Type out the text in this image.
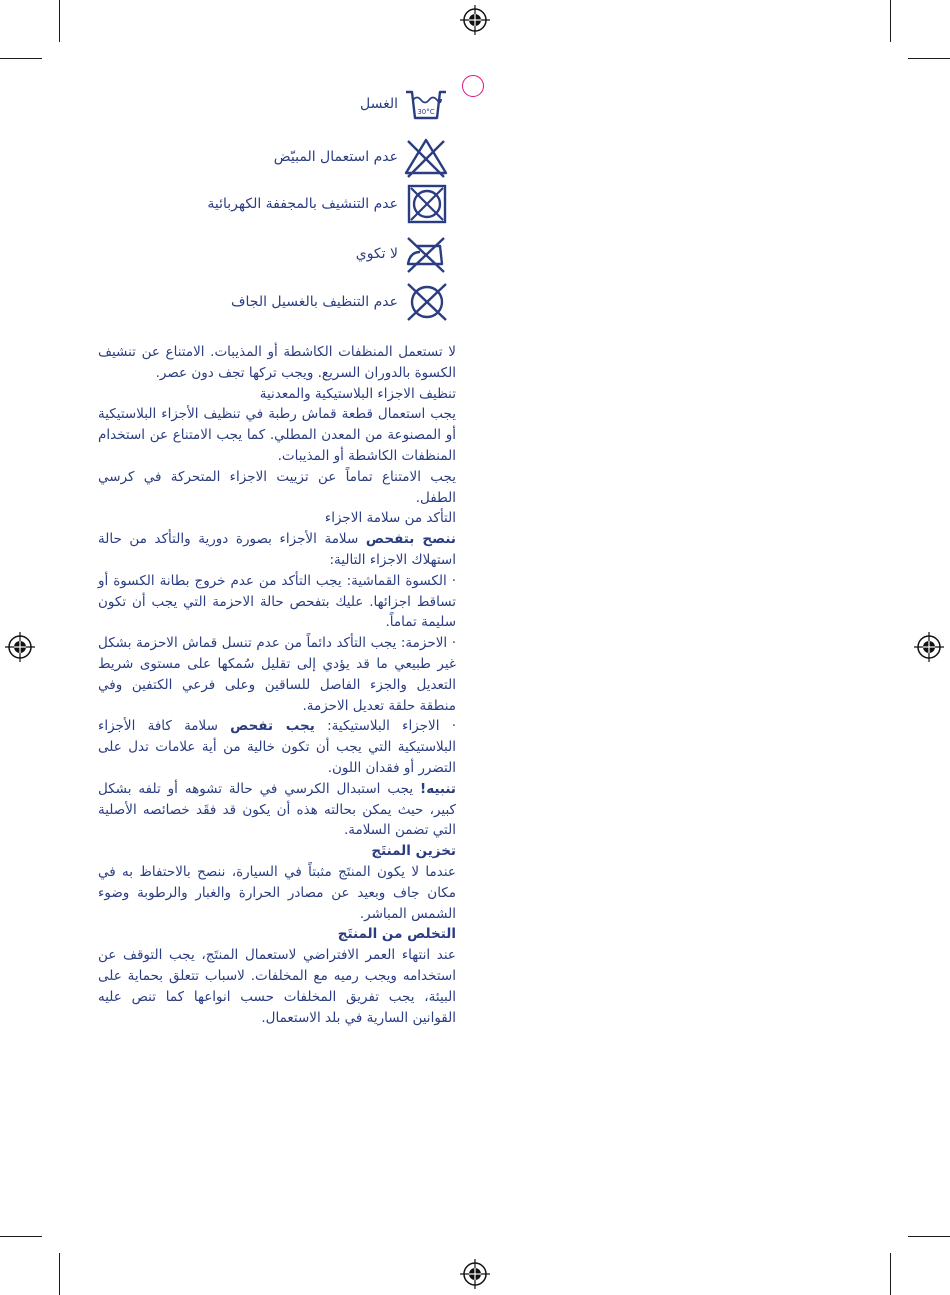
30°C
الغسل
عدم استعمال المبيّض
عدم التنشيف بالمجففة الكهربائية
لا تكوي
عدم التنظيف بالغسيل الجاف

لا تستعمل المنظفات الكاشطة أو المذيبات. الامتناع عن تنشيف الكسوة بالدوران السريع. ويجب تركها تجف دون عصر.

تنظيف الاجزاء البلاستيكية والمعدنية

يجب استعمال قطعة قماش رطبة في تنظيف الأجزاء البلاستيكية أو المصنوعة من المعدن المطلي. كما يجب الامتناع عن استخدام المنظفات الكاشطة أو المذيبات.

يجب الامتناع تماماً عن تزييت الاجزاء المتحركة في كرسي الطفل.

التأكد من سلامة الاجزاء

ننصح بتفحص سلامة الأجزاء بصورة دورية والتأكد من حالة استهلاك الاجزاء التالية:

· الكسوة القماشية: يجب التأكد من عدم خروج بطانة الكسوة أو تساقط اجزائها. عليك بتفحص حالة الاحزمة التي يجب أن تكون سليمة تماماً.

· الاحزمة: يجب التأكد دائماً من عدم تنسل قماش الاحزمة بشكل غير طبيعي ما قد يؤدي إلى تقليل سُمكها على مستوى شريط التعديل والجزء الفاصل للساقين وعلى فرعي الكتفين وفي منطقة حلقة تعديل الاحزمة.

· الاجزاء البلاستيكية: يجب تفحص سلامة كافة الأجزاء البلاستيكية التي يجب أن تكون خالية من أية علامات تدل على التضرر أو فقدان اللون.

تنبيه! يجب استبدال الكرسي في حالة تشوهه أو تلفه بشكل كبير، حيث يمكن بحالته هذه أن يكون قد فقَد خصائصه الأصلية التي تضمن السلامة.

تخزين المنتَج

عندما لا يكون المنتَج مثبتاً في السيارة، ننصح بالاحتفاظ به في مكان جاف وبعيد عن مصادر الحرارة والغبار والرطوبة وضوء الشمس المباشر.

التخلص من المنتَج

عند انتهاء العمر الافتراضي لاستعمال المنتَج، يجب التوقف عن استخدامه ويجب رميه مع المخلفات. لاسباب تتعلق بحماية على البيئة، يجب تفريق المخلفات حسب انواعها كما تنص عليه القوانين السارية في بلد الاستعمال.
